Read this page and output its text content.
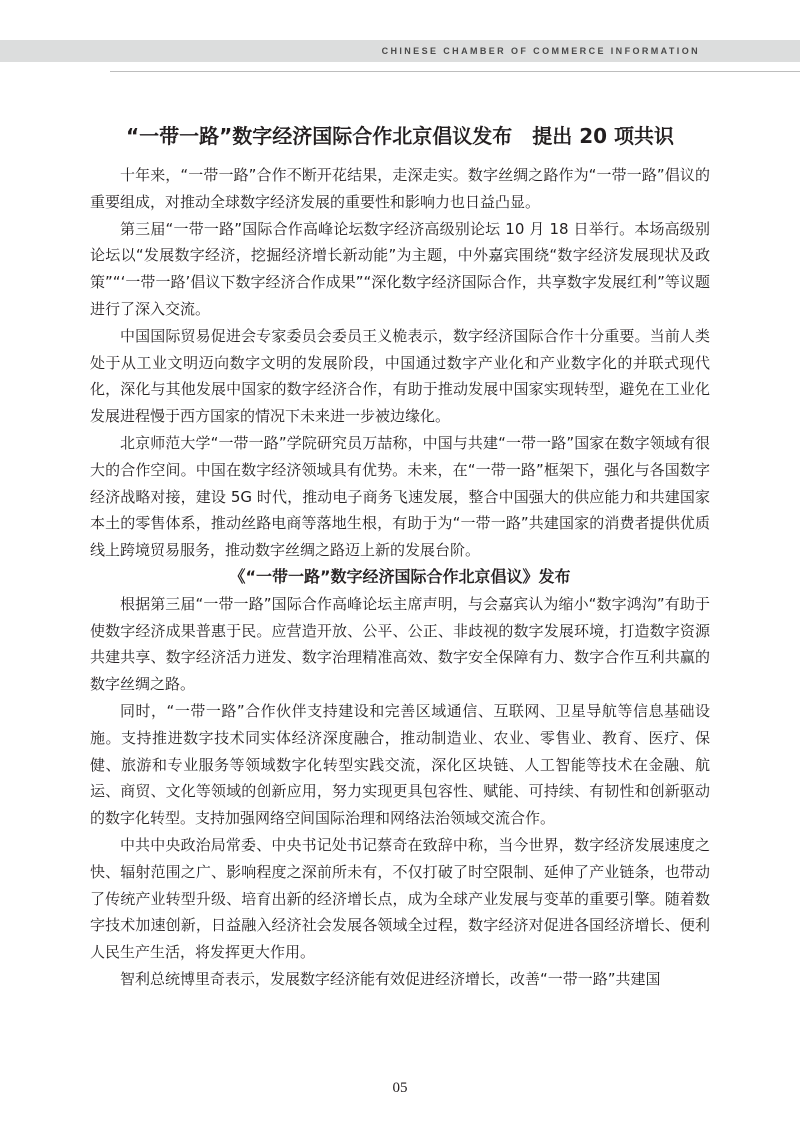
CHINESE CHAMBER OF COMMERCE INFORMATION
“一带一路”数字经济国际合作北京倡议发布　提出 20 项共识

十年来，“一带一路”合作不断开花结果，走深走实。数字丝绸之路作为“一带一路”倡议的重要组成，对推动全球数字经济发展的重要性和影响力也日益凸显。

第三届“一带一路”国际合作高峰论坛数字经济高级别论坛 10 月 18 日举行。本场高级别论坛以“发展数字经济，挖掘经济增长新动能”为主题，中外嘉宾围绕“数字经济发展现状及政策”“‘一带一路’倡议下数字经济合作成果”“深化数字经济国际合作，共享数字发展红利”等议题进行了深入交流。

中国国际贸易促进会专家委员会委员王义桅表示，数字经济国际合作十分重要。当前人类处于从工业文明迈向数字文明的发展阶段，中国通过数字产业化和产业数字化的并联式现代化，深化与其他发展中国家的数字经济合作，有助于推动发展中国家实现转型，避免在工业化发展进程慢于西方国家的情况下未来进一步被边缘化。

北京师范大学“一带一路”学院研究员万喆称，中国与共建“一带一路”国家在数字领域有很大的合作空间。中国在数字经济领域具有优势。未来，在“一带一路”框架下，强化与各国数字经济战略对接，建设 5G 时代，推动电子商务飞速发展，整合中国强大的供应能力和共建国家本土的零售体系，推动丝路电商等落地生根，有助于为“一带一路”共建国家的消费者提供优质线上跨境贸易服务，推动数字丝绸之路迈上新的发展台阶。

《“一带一路”数字经济国际合作北京倡议》发布

根据第三届“一带一路”国际合作高峰论坛主席声明，与会嘉宾认为缩小“数字鸿沟”有助于使数字经济成果普惠于民。应营造开放、公平、公正、非歧视的数字发展环境，打造数字资源共建共享、数字经济活力迸发、数字治理精准高效、数字安全保障有力、数字合作互利共赢的数字丝绸之路。

同时，“一带一路”合作伙伴支持建设和完善区域通信、互联网、卫星导航等信息基础设施。支持推进数字技术同实体经济深度融合，推动制造业、农业、零售业、教育、医疗、保健、旅游和专业服务等领域数字化转型实践交流，深化区块链、人工智能等技术在金融、航运、商贸、文化等领域的创新应用，努力实现更具包容性、赋能、可持续、有韧性和创新驱动的数字化转型。支持加强网络空间国际治理和网络法治领域交流合作。

中共中央政治局常委、中央书记处书记蔡奇在致辞中称，当今世界，数字经济发展速度之快、辐射范围之广、影响程度之深前所未有，不仅打破了时空限制、延伸了产业链条，也带动了传统产业转型升级、培育出新的经济增长点，成为全球产业发展与变革的重要引擎。随着数字技术加速创新，日益融入经济社会发展各领域全过程，数字经济对促进各国经济增长、便利人民生产生活，将发挥更大作用。

智利总统博里奇表示，发展数字经济能有效促进经济增长，改善“一带一路”共建国

05
